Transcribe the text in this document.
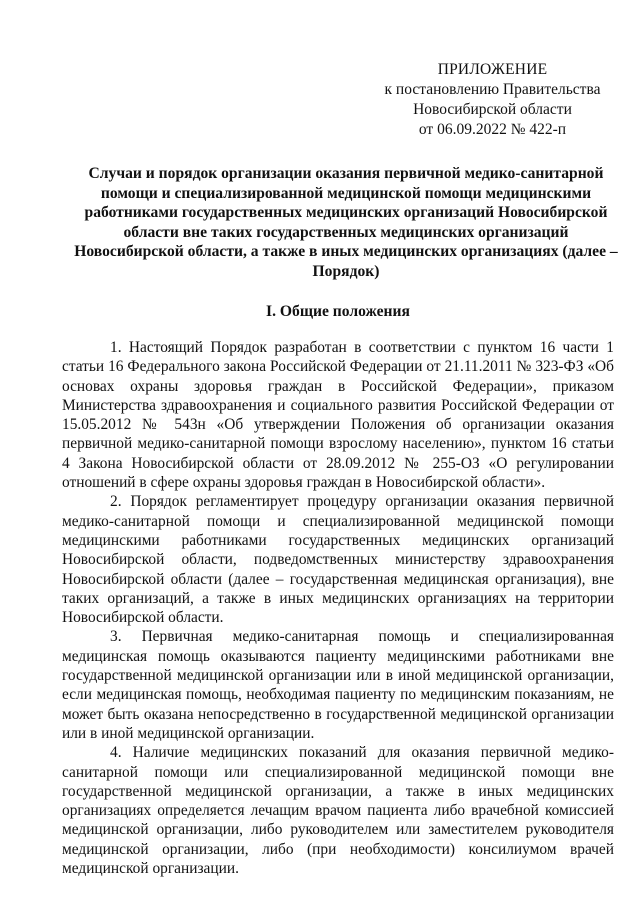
ПРИЛОЖЕНИЕ
к постановлению Правительства
Новосибирской области
от 06.09.2022 № 422-п
Случаи и порядок организации оказания первичной медико-санитарной помощи и специализированной медицинской помощи медицинскими работниками государственных медицинских организаций Новосибирской области вне таких государственных медицинских организаций Новосибирской области, а также в иных медицинских организациях (далее – Порядок)
I. Общие положения

1. Настоящий Порядок разработан в соответствии с пунктом 16 части 1 статьи 16 Федерального закона Российской Федерации от 21.11.2011 № 323-ФЗ «Об основах охраны здоровья граждан в Российской Федерации», приказом Министерства здравоохранения и социального развития Российской Федерации от 15.05.2012 № 543н «Об утверждении Положения об организации оказания первичной медико-санитарной помощи взрослому населению», пунктом 16 статьи 4 Закона Новосибирской области от 28.09.2012 № 255-ОЗ «О регулировании отношений в сфере охраны здоровья граждан в Новосибирской области».

2. Порядок регламентирует процедуру организации оказания первичной медико-санитарной помощи и специализированной медицинской помощи медицинскими работниками государственных медицинских организаций Новосибирской области, подведомственных министерству здравоохранения Новосибирской области (далее – государственная медицинская организация), вне таких организаций, а также в иных медицинских организациях на территории Новосибирской области.

3. Первичная медико-санитарная помощь и специализированная медицинская помощь оказываются пациенту медицинскими работниками вне государственной медицинской организации или в иной медицинской организации, если медицинская помощь, необходимая пациенту по медицинским показаниям, не может быть оказана непосредственно в государственной медицинской организации или в иной медицинской организации.

4. Наличие медицинских показаний для оказания первичной медико-санитарной помощи или специализированной медицинской помощи вне государственной медицинской организации, а также в иных медицинских организациях определяется лечащим врачом пациента либо врачебной комиссией медицинской организации, либо руководителем или заместителем руководителя медицинской организации, либо (при необходимости) консилиумом врачей медицинской организации.
